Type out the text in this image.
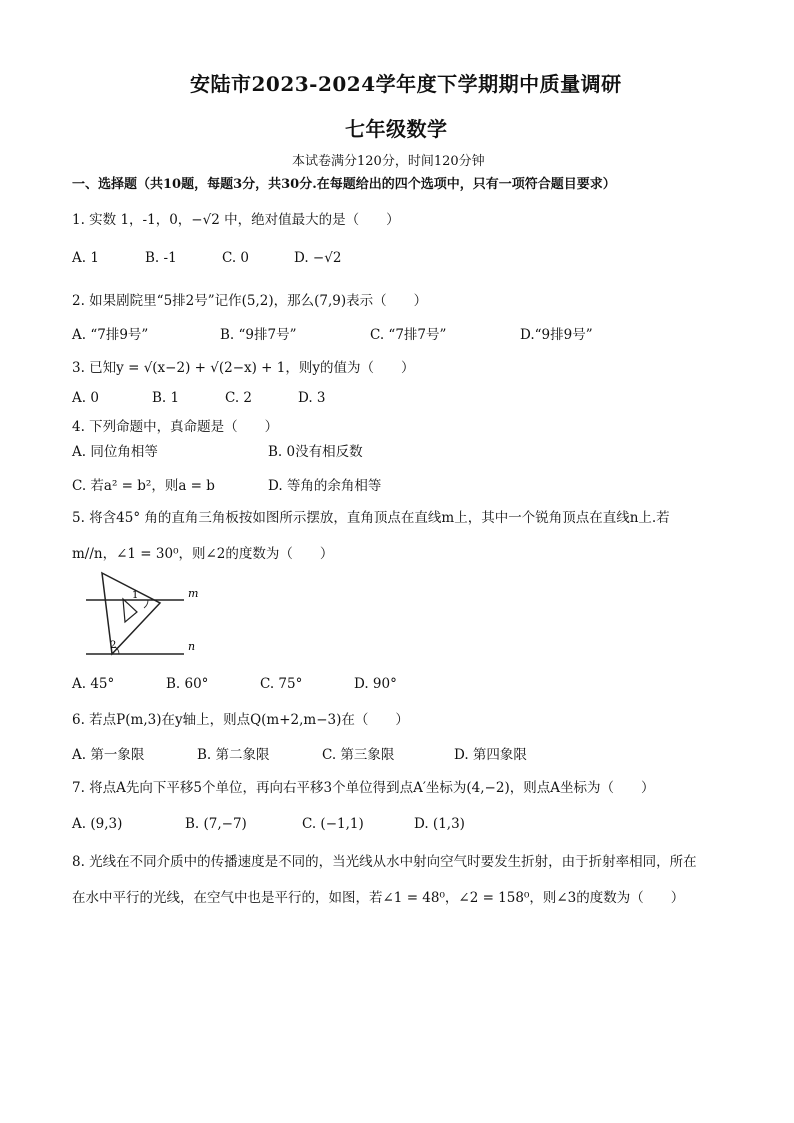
安陆市2023-2024学年度下学期期中质量调研
七年级数学
本试卷满分120分，时间120分钟
一、选择题（共10题，每题3分，共30分.在每题给出的四个选项中，只有一项符合题目要求）
1. 实数 1，-1，0，−√2 中，绝对值最大的是（　　）
A. 1	B. -1	C. 0	D. −√2
2. 如果剧院里“5排2号”记作(5,2)，那么(7,9)表示（　　）
A. “7排9号”	B. “9排7号”	C. “7排7号”	D.“9排9号”
3. 已知y = √(x−2) + √(2−x) + 1，则y的值为（　　）
A. 0	B. 1	C. 2	D. 3
4. 下列命题中，真命题是（　　）
A. 同位角相等	B. 0没有相反数
C. 若a² = b²，则a = b	D. 等角的余角相等
5. 将含45° 角的直角三角板按如图所示摆放，直角顶点在直线m上，其中一个锐角顶点在直线n上.若
m//n，∠1 = 30⁰，则∠2的度数为（　　）
1
2
m
n
A. 45°	B. 60°	C. 75°	D. 90°
6. 若点P(m,3)在y轴上，则点Q(m+2,m−3)在（　　）
A. 第一象限	B. 第二象限	C. 第三象限	D. 第四象限
7. 将点A先向下平移5个单位，再向右平移3个单位得到点A′坐标为(4,−2)，则点A坐标为（　　）
A. (9,3)	B. (7,−7)	C. (−1,1)	D. (1,3)
8. 光线在不同介质中的传播速度是不同的，当光线从水中射向空气时要发生折射，由于折射率相同，所在
在水中平行的光线，在空气中也是平行的，如图，若∠1 = 48⁰，∠2 = 158⁰，则∠3的度数为（　　）
